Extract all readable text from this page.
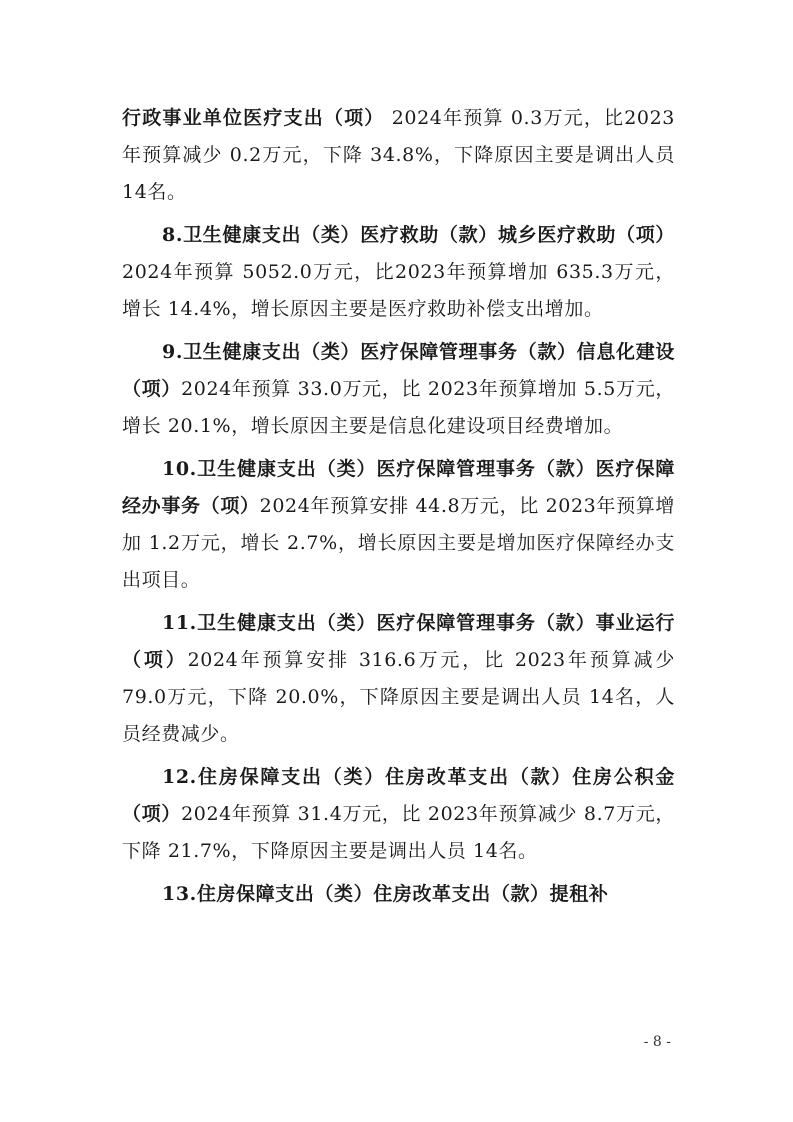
行政事业单位医疗支出（项） 2024年预算 0.3万元，比2023年预算减少 0.2万元，下降 34.8%，下降原因主要是调出人员 14名。

8.卫生健康支出（类）医疗救助（款）城乡医疗救助（项）2024年预算 5052.0万元，比2023年预算增加 635.3万元，增长 14.4%，增长原因主要是医疗救助补偿支出增加。

9.卫生健康支出（类）医疗保障管理事务（款）信息化建设（项）2024年预算 33.0万元，比 2023年预算增加 5.5万元，增长 20.1%，增长原因主要是信息化建设项目经费增加。

10.卫生健康支出（类）医疗保障管理事务（款）医疗保障经办事务（项）2024年预算安排 44.8万元，比 2023年预算增加 1.2万元，增长 2.7%，增长原因主要是增加医疗保障经办支出项目。

11.卫生健康支出（类）医疗保障管理事务（款）事业运行（项）2024年预算安排 316.6万元，比 2023年预算减少 79.0万元，下降 20.0%，下降原因主要是调出人员 14名，人员经费减少。

12.住房保障支出（类）住房改革支出（款）住房公积金（项）2024年预算 31.4万元，比 2023年预算减少 8.7万元，下降 21.7%，下降原因主要是调出人员 14名。

13.住房保障支出（类）住房改革支出（款）提租补

- 8 -
